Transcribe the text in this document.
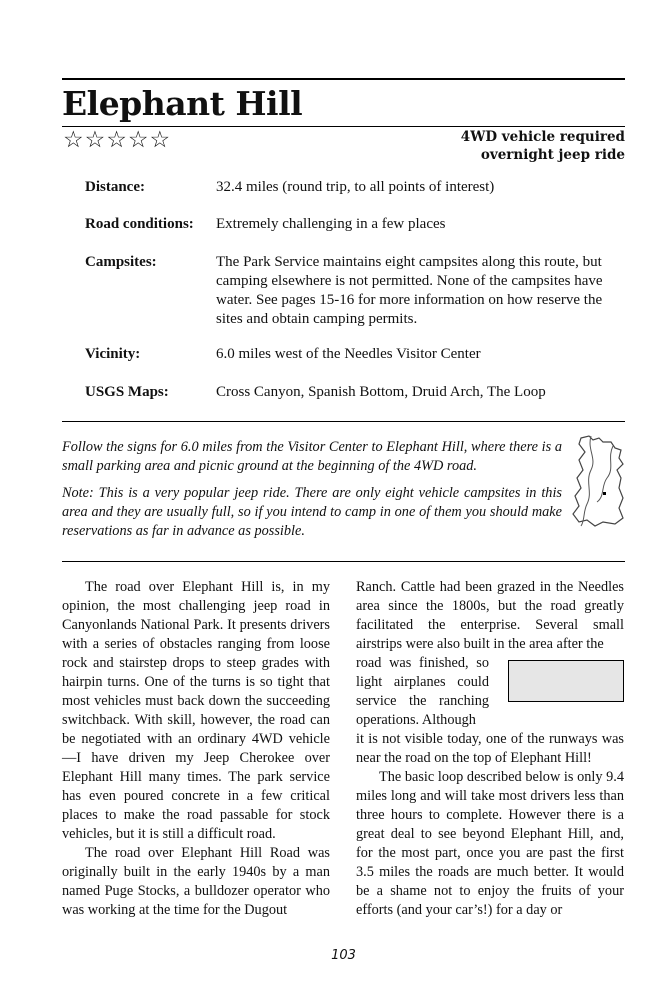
Elephant Hill
☆☆☆☆☆	4WD vehicle required
overnight jeep ride
Distance:	32.4 miles (round trip, to all points of interest)
Road conditions: Extremely challenging in a few places
Campsites:	The Park Service maintains eight campsites along this route, but camping elsewhere is not permitted. None of the campsites have water. See pages 15-16 for more information on how reserve the sites and obtain camping permits.
Vicinity:	6.0 miles west of the Needles Visitor Center
USGS Maps:	Cross Canyon, Spanish Bottom, Druid Arch, The Loop

Follow the signs for 6.0 miles from the Visitor Center to Elephant Hill, where there is a small parking area and picnic ground at the beginning of the 4WD road.

Note: This is a very popular jeep ride. There are only eight vehicle campsites in this area and they are usually full, so if you intend to camp in one of them you should make reservations as far in advance as possible.

The road over Elephant Hill is, in my opinion, the most challenging jeep road in Canyonlands National Park. It presents drivers with a series of obstacles ranging from loose rock and stairstep drops to steep grades with hairpin turns. One of the turns is so tight that most vehicles must back down the succeeding switchback. With skill, however, the road can be negotiated with an ordinary 4WD vehicle—I have driven my Jeep Cherokee over Elephant Hill many times. The park service has even poured concrete in a few critical places to make the road passable for stock vehicles, but it is still a difficult road.

The road over Elephant Hill Road was originally built in the early 1940s by a man named Puge Stocks, a bulldozer operator who was working at the time for the Dugout

Ranch. Cattle had been grazed in the Needles area since the 1800s, but the road greatly facilitated the enterprise. Several small airstrips were also built in the area after the

road was finished, so light airplanes could service the ranching operations. Although

it is not visible today, one of the runways was near the road on the top of Elephant Hill!

The basic loop described below is only 9.4 miles long and will take most drivers less than three hours to complete. However there is a great deal to see beyond Elephant Hill, and, for the most part, once you are past the first 3.5 miles the roads are much better. It would be a shame not to enjoy the fruits of your efforts (and your car’s!) for a day or

103
